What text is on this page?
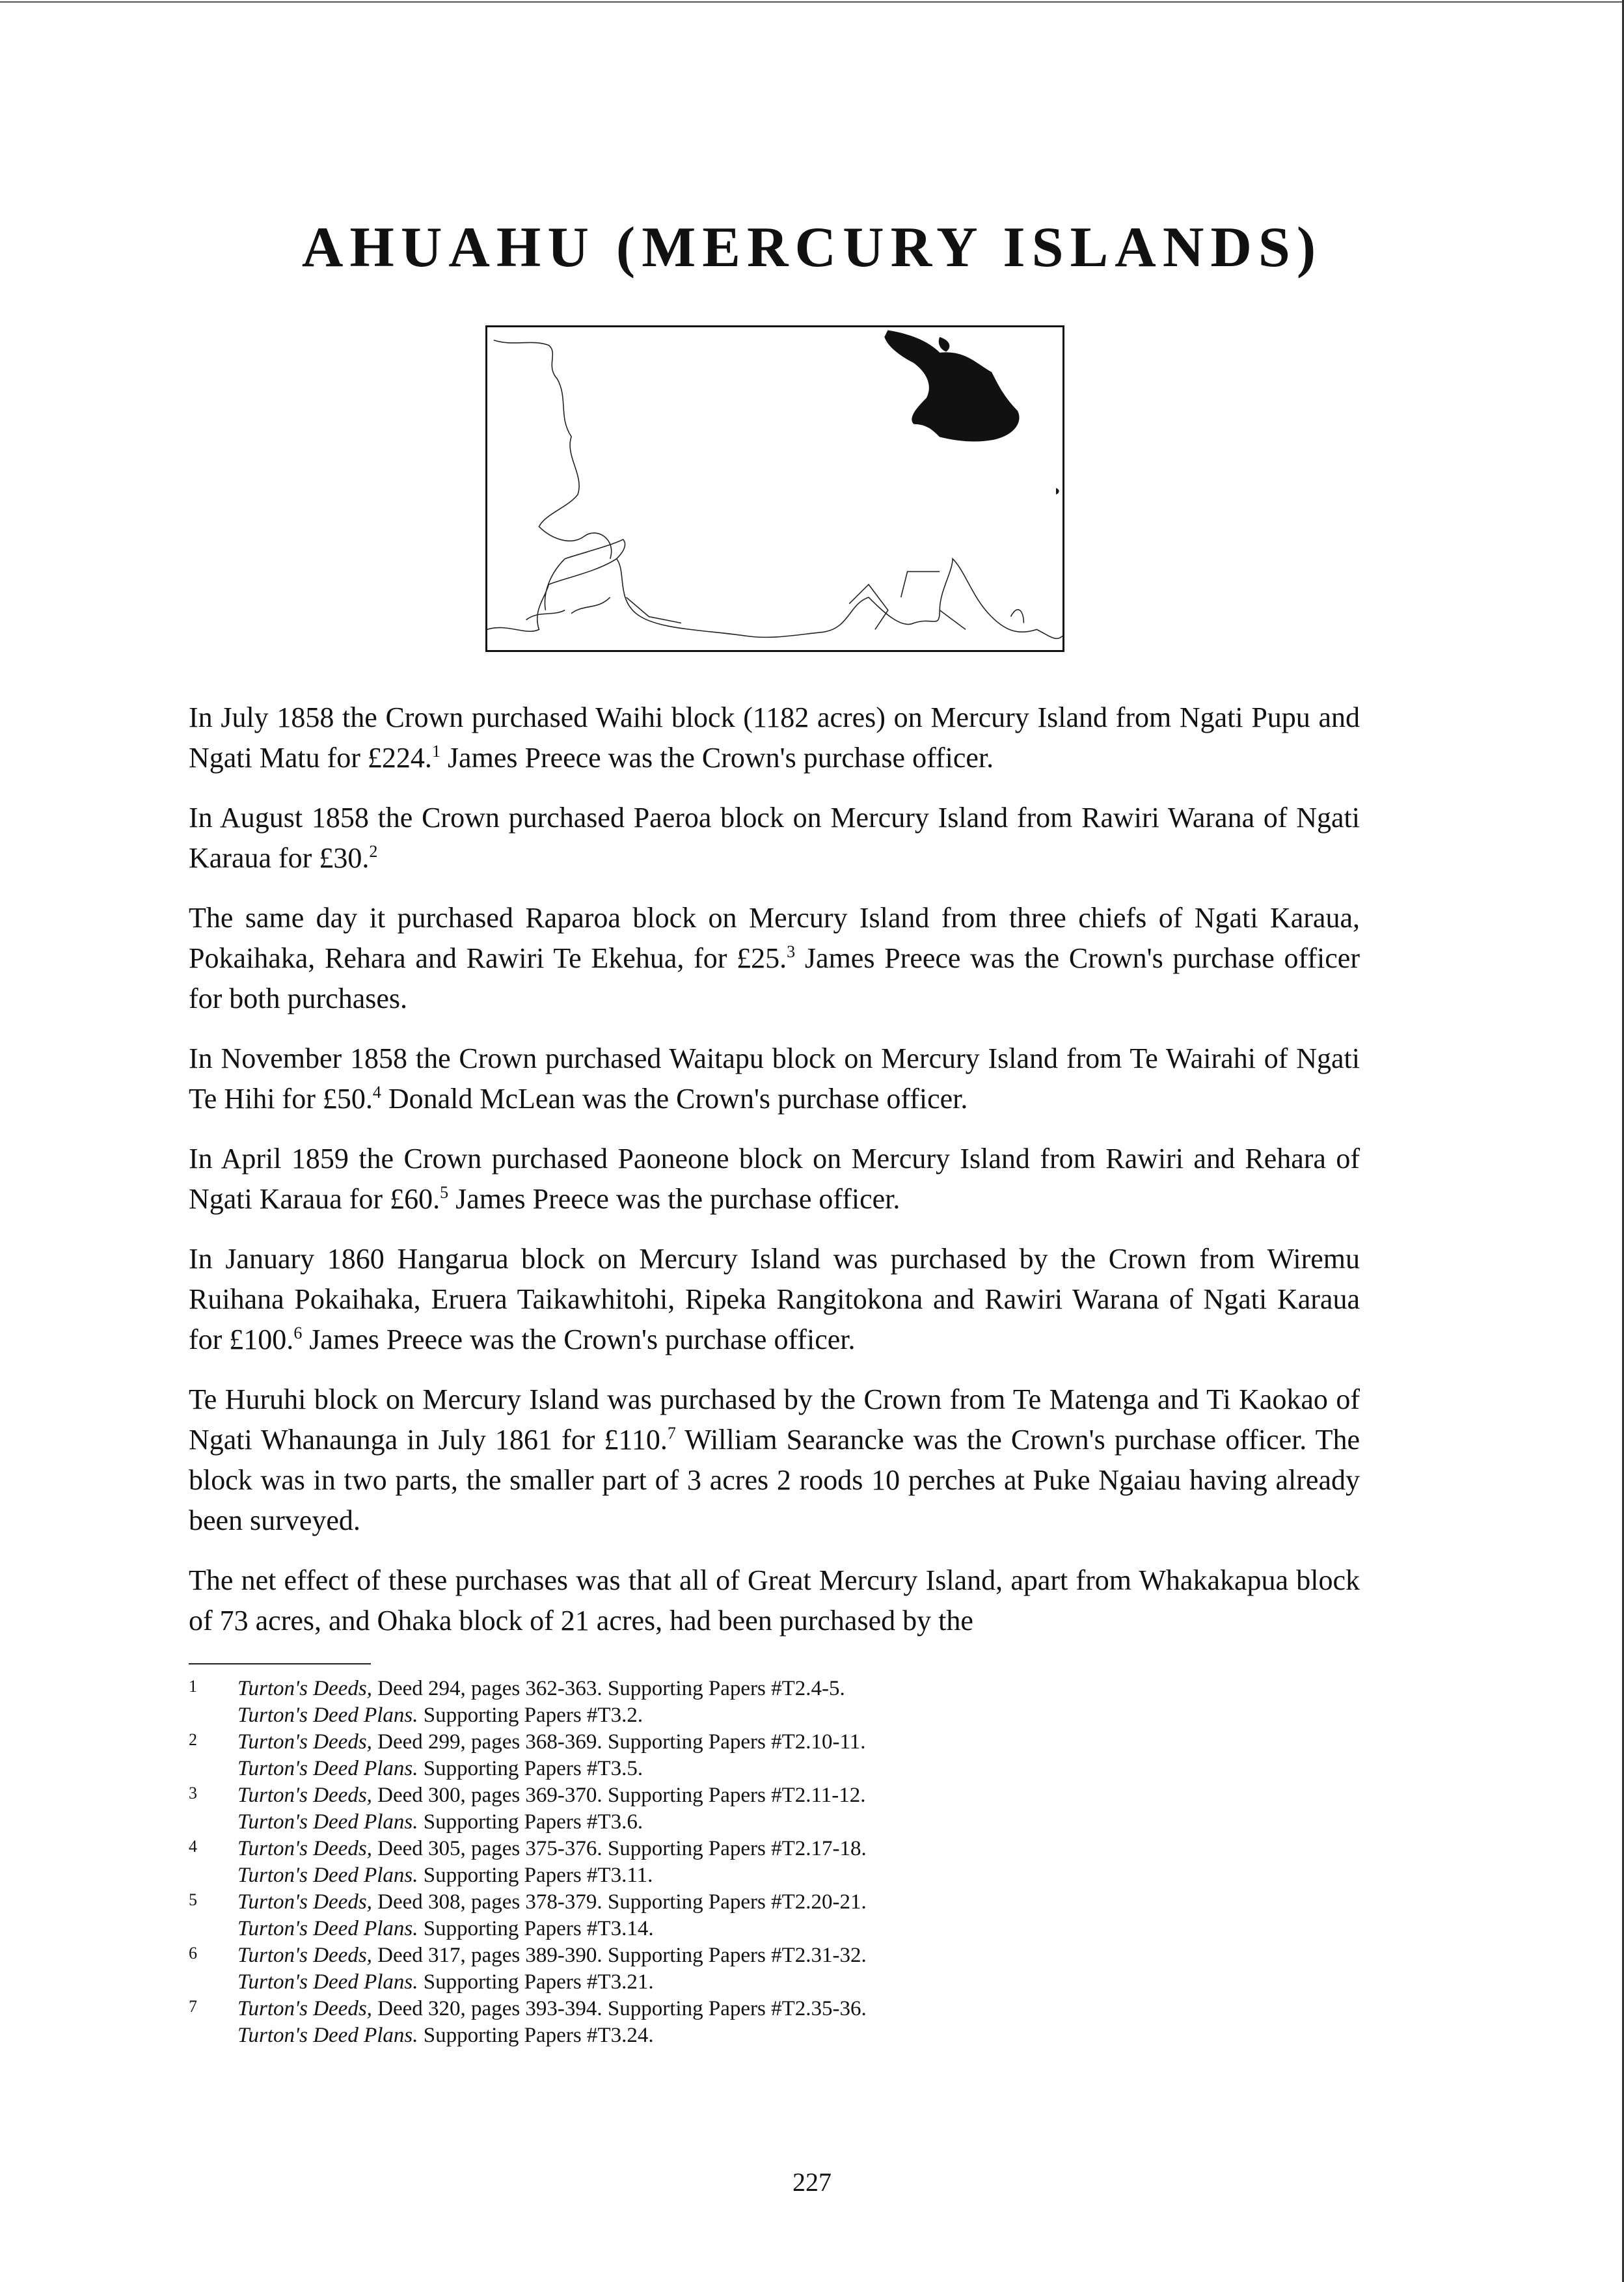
AHUAHU (MERCURY ISLANDS)

In July 1858 the Crown purchased Waihi block (1182 acres) on Mercury Island from Ngati Pupu and Ngati Matu for £224.$^1$ James Preece was the Crown's purchase officer.

In August 1858 the Crown purchased Paeroa block on Mercury Island from Rawiri Warana of Ngati Karaua for £30.$^2$

The same day it purchased Raparoa block on Mercury Island from three chiefs of Ngati Karaua, Pokaihaka, Rehara and Rawiri Te Ekehua, for £25.$^3$ James Preece was the Crown's purchase officer for both purchases.

In November 1858 the Crown purchased Waitapu block on Mercury Island from Te Wairahi of Ngati Te Hihi for £50.$^4$ Donald McLean was the Crown's purchase officer.

In April 1859 the Crown purchased Paoneone block on Mercury Island from Rawiri and Rehara of Ngati Karaua for £60.$^5$ James Preece was the purchase officer.

In January 1860 Hangarua block on Mercury Island was purchased by the Crown from Wiremu Ruihana Pokaihaka, Eruera Taikawhitohi, Ripeka Rangitokona and Rawiri Warana of Ngati Karaua for £100.$^6$ James Preece was the Crown's purchase officer.

Te Huruhi block on Mercury Island was purchased by the Crown from Te Matenga and Ti Kaokao of Ngati Whanaunga in July 1861 for £110.$^7$ William Searancke was the Crown's purchase officer. The block was in two parts, the smaller part of 3 acres 2 roods 10 perches at Puke Ngaiau having already been surveyed.

The net effect of these purchases was that all of Great Mercury Island, apart from Whakakapua block of 73 acres, and Ohaka block of 21 acres, had been purchased by the

1 Turton's Deeds, Deed 294, pages 362-363. Supporting Papers #T2.4-5.
Turton's Deed Plans. Supporting Papers #T3.2.
2 Turton's Deeds, Deed 299, pages 368-369. Supporting Papers #T2.10-11.
Turton's Deed Plans. Supporting Papers #T3.5.
3 Turton's Deeds, Deed 300, pages 369-370. Supporting Papers #T2.11-12.
Turton's Deed Plans. Supporting Papers #T3.6.
4 Turton's Deeds, Deed 305, pages 375-376. Supporting Papers #T2.17-18.
Turton's Deed Plans. Supporting Papers #T3.11.
5 Turton's Deeds, Deed 308, pages 378-379. Supporting Papers #T2.20-21.
Turton's Deed Plans. Supporting Papers #T3.14.
6 Turton's Deeds, Deed 317, pages 389-390. Supporting Papers #T2.31-32.
Turton's Deed Plans. Supporting Papers #T3.21.
7 Turton's Deeds, Deed 320, pages 393-394. Supporting Papers #T2.35-36.
Turton's Deed Plans. Supporting Papers #T3.24.
227
